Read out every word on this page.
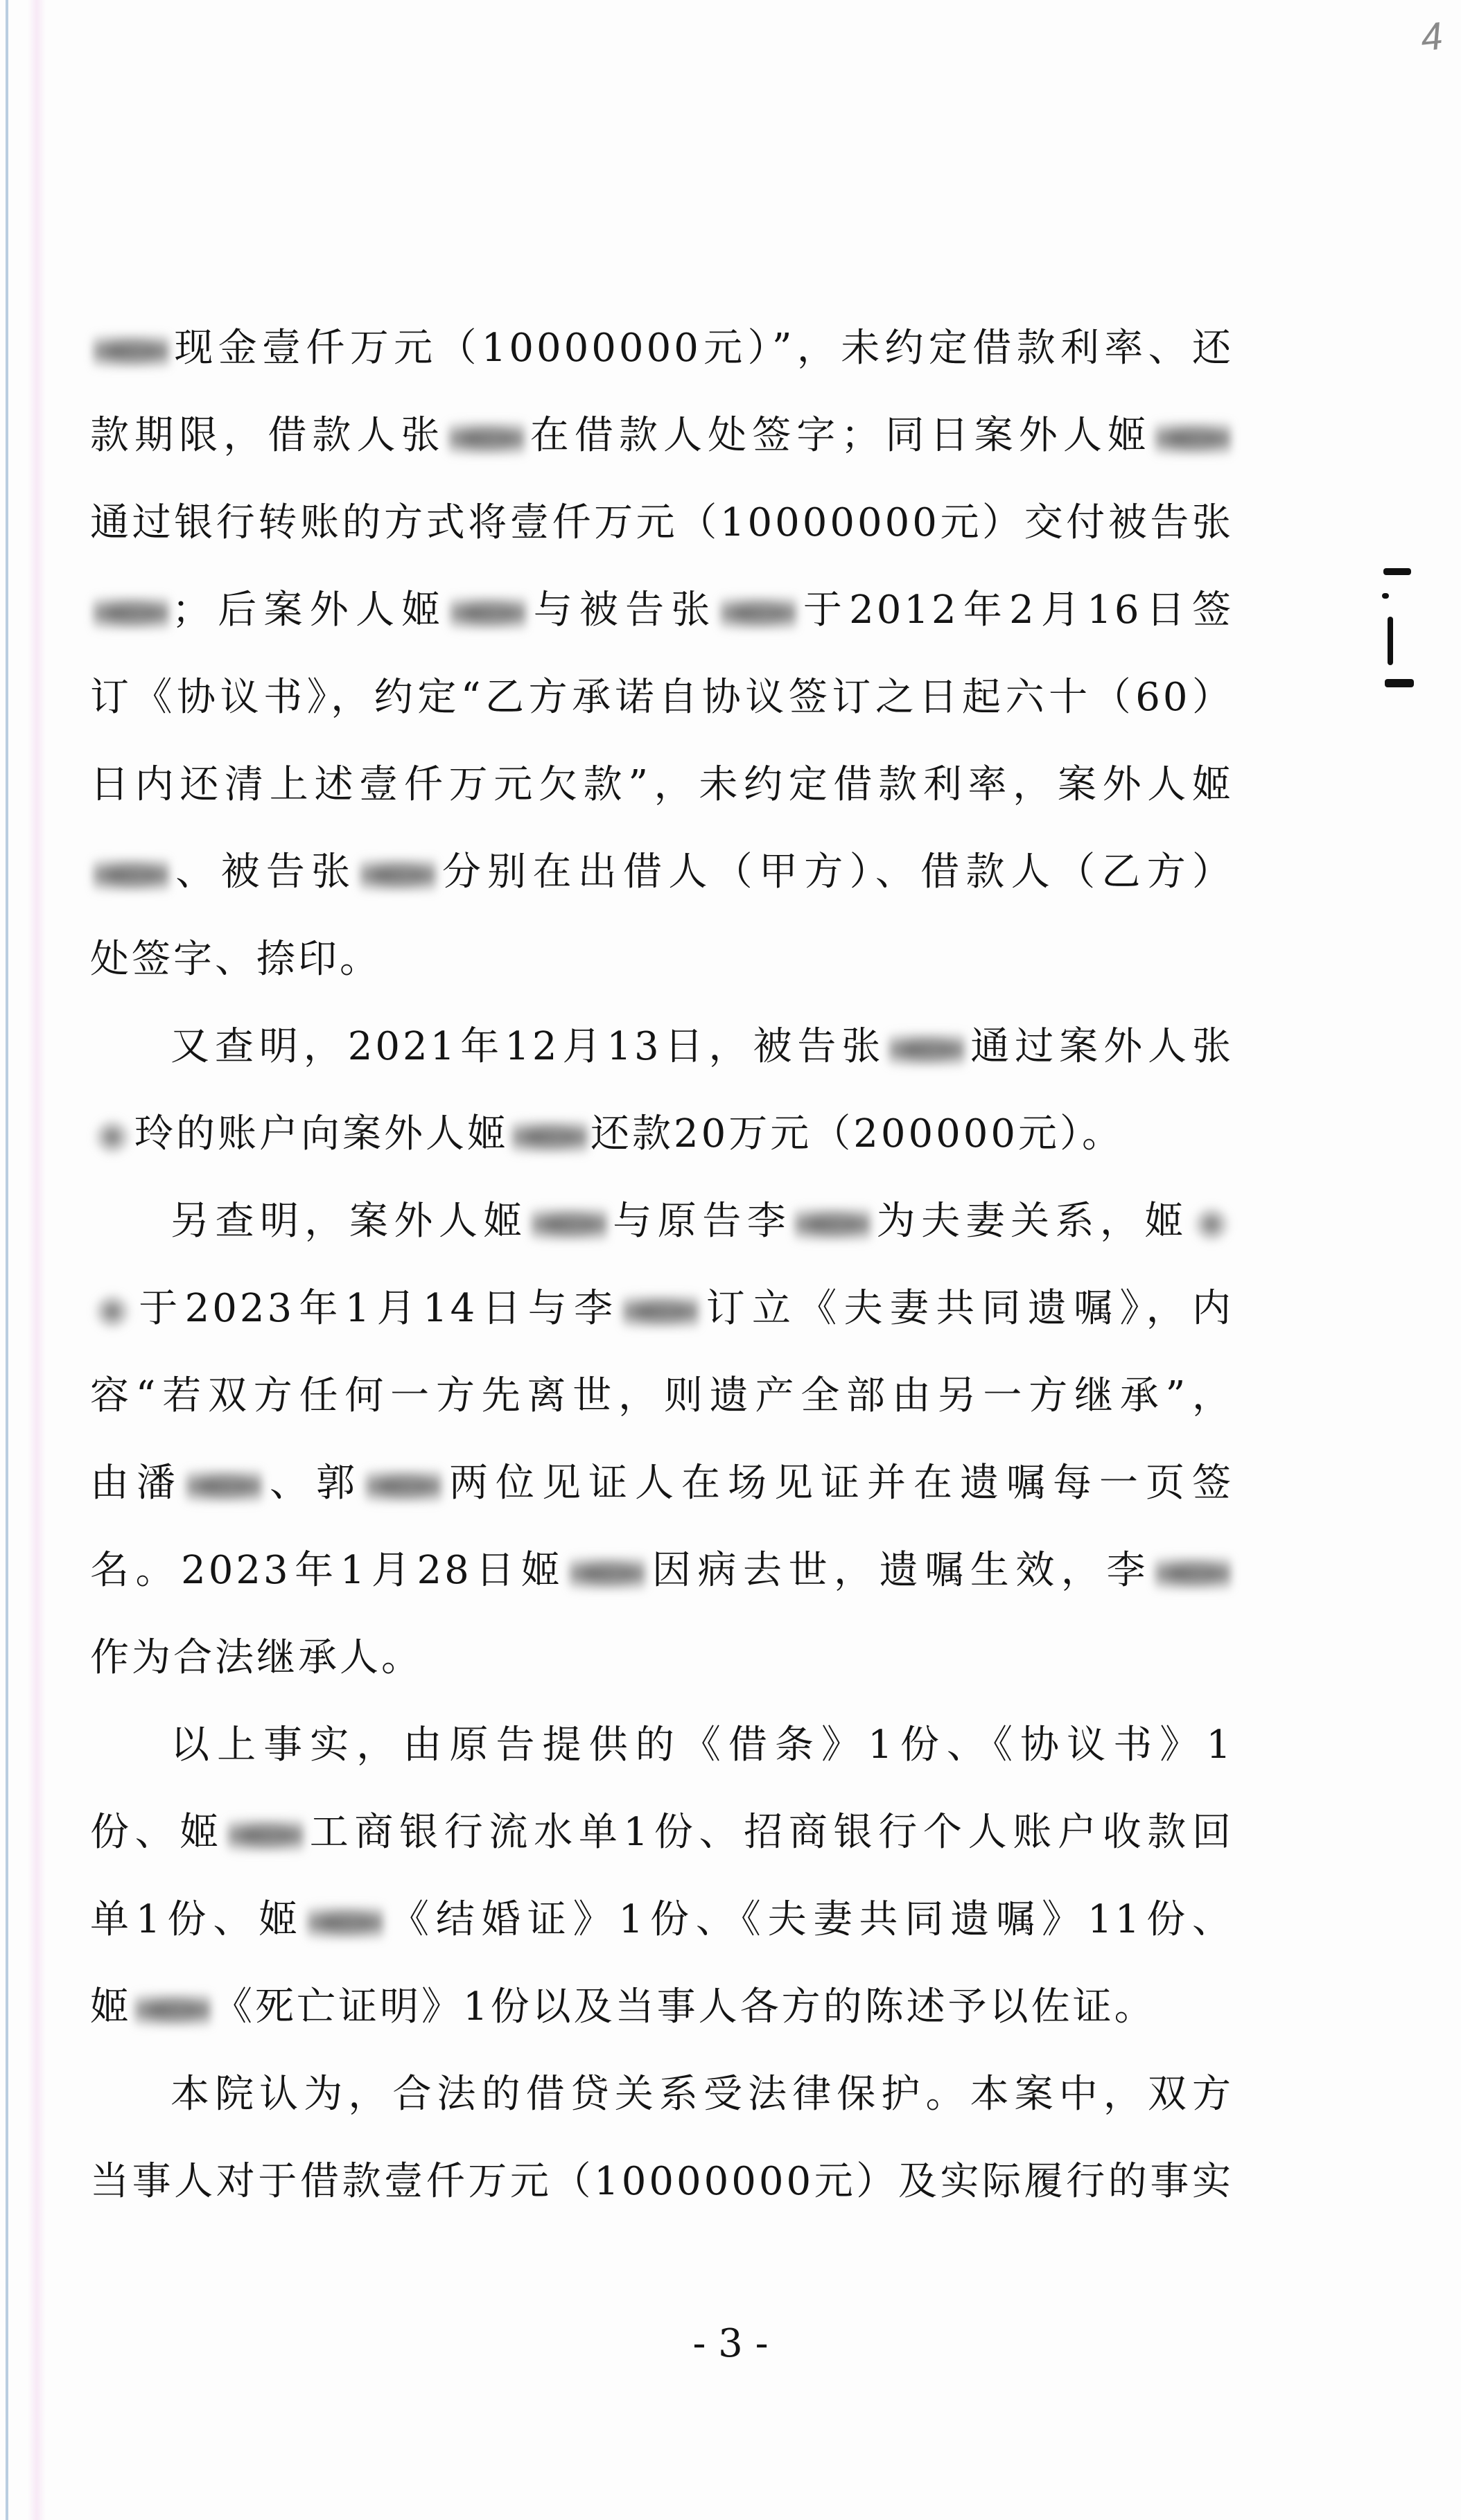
4
现金壹仟万元（10000000元）”，未约定借款利率、还
款期限，借款人张 在借款人处签字；同日案外人姬
通过银行转账的方式将壹仟万元（10000000元）交付被告张
；后案外人姬 与被告张 于2012年2月16日签
订《协议书》，约定“乙方承诺自协议签订之日起六十（60）
日内还清上述壹仟万元欠款”，未约定借款利率，案外人姬
、被告张 分别在出借人（甲方）、借款人（乙方）
处签字、捺印。
又查明，2021年12月13日，被告张 通过案外人张
玲的账户向案外人姬 还款20万元（200000元）。
另查明，案外人姬 与原告李 为夫妻关系，姬
于2023年1月14日与李 订立《夫妻共同遗嘱》，内
容“若双方任何一方先离世，则遗产全部由另一方继承”，
由潘 、郭 两位见证人在场见证并在遗嘱每一页签
名。2023年1月28日姬 因病去世，遗嘱生效，李
作为合法继承人。
以上事实，由原告提供的《借条》1份、《协议书》1
份、姬 工商银行流水单1份、招商银行个人账户收款回
单1份、姬 《结婚证》1份、《夫妻共同遗嘱》11份、
姬 《死亡证明》1份以及当事人各方的陈述予以佐证。
本院认为，合法的借贷关系受法律保护。本案中，双方
当事人对于借款壹仟万元（10000000元）及实际履行的事实
- 3 -
